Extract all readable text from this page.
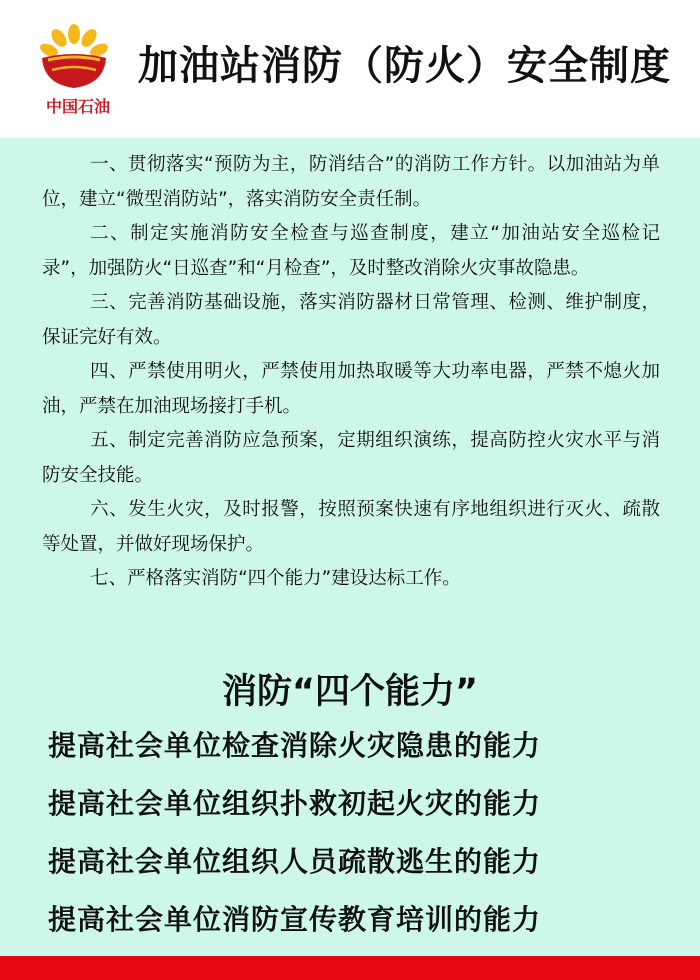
中国石油
加油站消防（防火）安全制度

一、贯彻落实“预防为主，防消结合”的消防工作方针。以加油站为单位，建立“微型消防站”，落实消防安全责任制。

二、制定实施消防安全检查与巡查制度，建立“加油站安全巡检记录”，加强防火“日巡查”和“月检查”，及时整改消除火灾事故隐患。

三、完善消防基础设施，落实消防器材日常管理、检测、维护制度，保证完好有效。

四、严禁使用明火，严禁使用加热取暖等大功率电器，严禁不熄火加油，严禁在加油现场接打手机。

五、制定完善消防应急预案，定期组织演练，提高防控火灾水平与消防安全技能。

六、发生火灾，及时报警，按照预案快速有序地组织进行灭火、疏散等处置，并做好现场保护。

七、严格落实消防“四个能力”建设达标工作。

消防“四个能力”
提高社会单位检查消除火灾隐患的能力
提高社会单位组织扑救初起火灾的能力
提高社会单位组织人员疏散逃生的能力
提高社会单位消防宣传教育培训的能力
